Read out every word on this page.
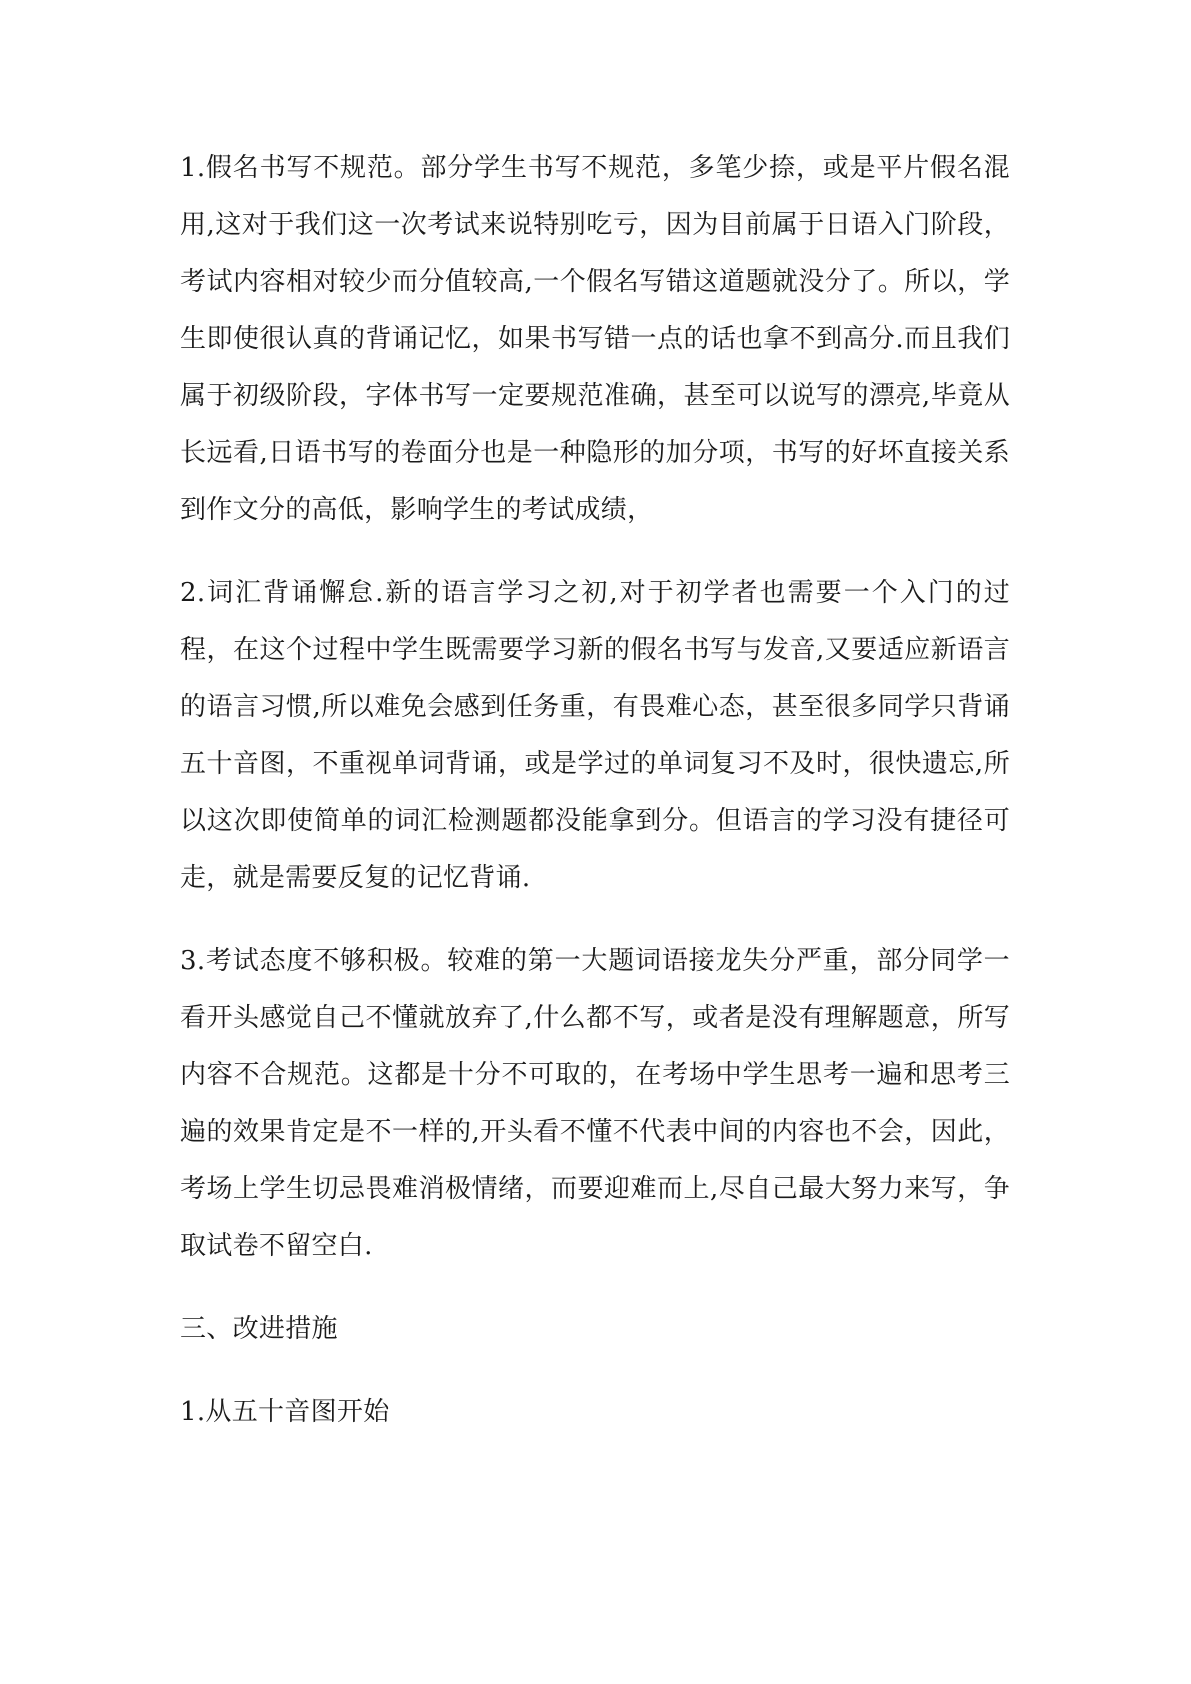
1.假名书写不规范。部分学生书写不规范，多笔少捺，或是平片假名混用,这对于我们这一次考试来说特别吃亏，因为目前属于日语入门阶段，考试内容相对较少而分值较高,一个假名写错这道题就没分了。所以，学生即使很认真的背诵记忆，如果书写错一点的话也拿不到高分.而且我们属于初级阶段，字体书写一定要规范准确，甚至可以说写的漂亮,毕竟从长远看,日语书写的卷面分也是一种隐形的加分项，书写的好坏直接关系到作文分的高低，影响学生的考试成绩，

2.词汇背诵懈怠.新的语言学习之初,对于初学者也需要一个入门的过程，在这个过程中学生既需要学习新的假名书写与发音,又要适应新语言的语言习惯,所以难免会感到任务重，有畏难心态，甚至很多同学只背诵五十音图，不重视单词背诵，或是学过的单词复习不及时，很快遗忘,所以这次即使简单的词汇检测题都没能拿到分。但语言的学习没有捷径可走，就是需要反复的记忆背诵.

3.考试态度不够积极。较难的第一大题词语接龙失分严重，部分同学一看开头感觉自己不懂就放弃了,什么都不写，或者是没有理解题意，所写内容不合规范。这都是十分不可取的，在考场中学生思考一遍和思考三遍的效果肯定是不一样的,开头看不懂不代表中间的内容也不会，因此，考场上学生切忌畏难消极情绪，而要迎难而上,尽自己最大努力来写，争取试卷不留空白.

三、改进措施

1.从五十音图开始
